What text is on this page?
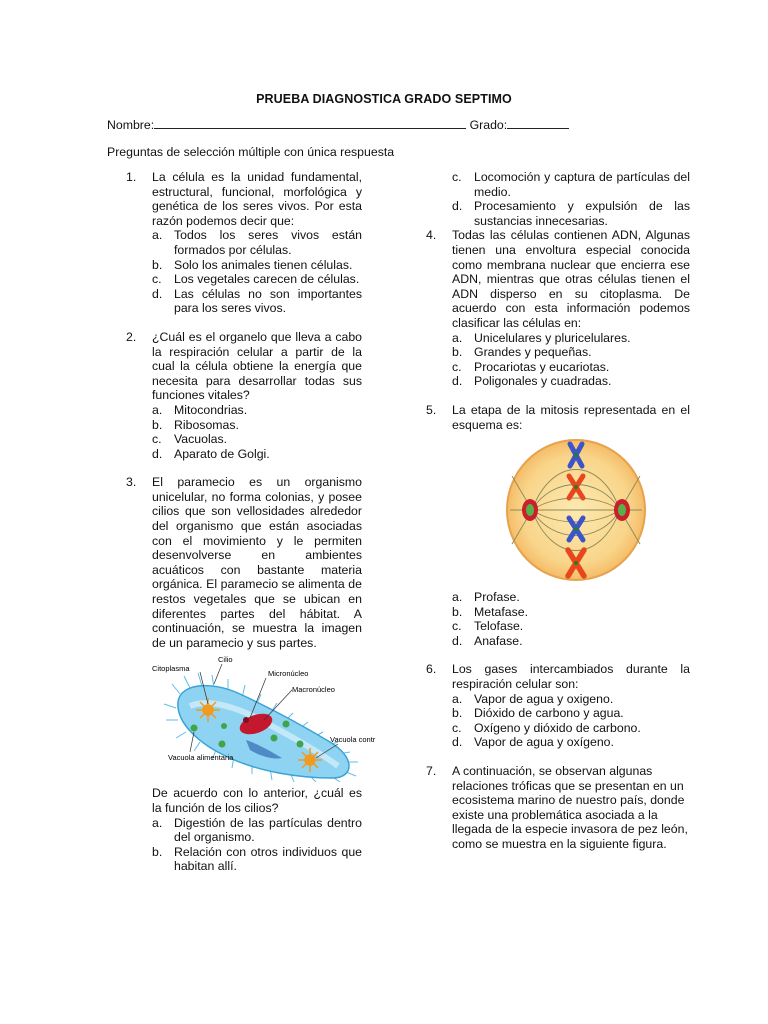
PRUEBA DIAGNOSTICA GRADO SEPTIMO
Nombre:	Grado:
Preguntas de selección múltiple con única respuesta
1. La célula es la unidad fundamental, estructural, funcional, morfológica y genética de los seres vivos. Por esta razón podemos decir que:
a. Todos los seres vivos están formados por células.
b. Solo los animales tienen células.
c. Los vegetales carecen de células.
d. Las células no son importantes para los seres vivos.
2. ¿Cuál es el organelo que lleva a cabo la respiración celular a partir de la cual la célula obtiene la energía que necesita para desarrollar todas sus funciones vitales?
a. Mitocondrias.
b. Ribosomas.
c. Vacuolas.
d. Aparato de Golgi.
3. El paramecio es un organismo unicelular, no forma colonias, y posee cilios que son vellosidades alrededor del organismo que están asociadas con el movimiento y le permiten desenvolverse en ambientes acuáticos con bastante materia orgánica. El paramecio se alimenta de restos vegetales que se ubican en diferentes partes del hábitat. A continuación, se muestra la imagen de un paramecio y sus partes.
Citoplasma
Cilio
Micronúcleo
Macronúcleo
Vacuola alimentaria
Vacuola contr
De acuerdo con lo anterior, ¿cuál es la función de los cilios?
a. Digestión de las partículas dentro del organismo.
b. Relación con otros individuos que habitan allí.
c. Locomoción y captura de partículas del medio.
d. Procesamiento y expulsión de las sustancias innecesarias.
4. Todas las células contienen ADN, Algunas tienen una envoltura especial conocida como membrana nuclear que encierra ese ADN, mientras que otras células tienen el ADN disperso en su citoplasma. De acuerdo con esta información podemos clasificar las células en:
a. Unicelulares y pluricelulares.
b. Grandes y pequeñas.
c. Procariotas y eucariotas.
d. Poligonales y cuadradas.
5. La etapa de la mitosis representada en el esquema es:
a. Profase.
b. Metafase.
c. Telofase.
d. Anafase.
6. Los gases intercambiados durante la respiración celular son:
a. Vapor de agua y oxigeno.
b. Dióxido de carbono y agua.
c. Oxígeno y dióxido de carbono.
d. Vapor de agua y oxígeno.
7. A continuación, se observan algunas relaciones tróficas que se presentan en un ecosistema marino de nuestro país, donde existe una problemática asociada a la llegada de la especie invasora de pez león, como se muestra en la siguiente figura.
